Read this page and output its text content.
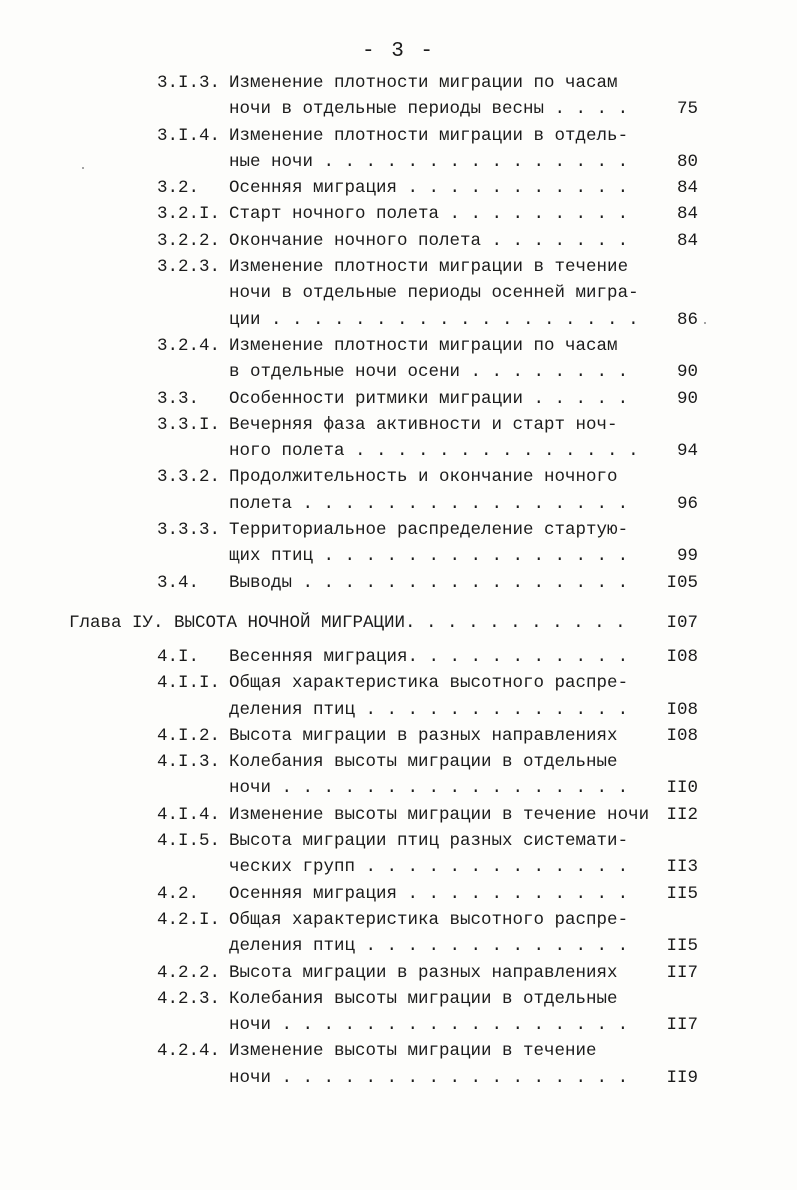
- 3 -
3.I.3. Изменение плотности миграции по часам
ночи в отдельные периоды весны . . . .	75
3.I.4. Изменение плотности миграции в отдель-
ные ночи . . . . . . . . . . . . . . .	80
3.2. Осенняя миграция . . . . . . . . . . .	84
3.2.I. Старт ночного полета . . . . . . . . .	84
3.2.2. Окончание ночного полета . . . . . . .	84
3.2.3. Изменение плотности миграции в течение
ночи в отдельные периоды осенней мигра-
ции . . . . . . . . . . . . . . . . . .	86
3.2.4. Изменение плотности миграции по часам
в отдельные ночи осени . . . . . . . .	90
3.3. Особенности ритмики миграции . . . . .	90
3.3.I. Вечерняя фаза активности и старт ноч-
ного полета . . . . . . . . . . . . . .	94
3.3.2. Продолжительность и окончание ночного
полета . . . . . . . . . . . . . . . .	96
3.3.3. Территориальное распределение стартую-
щих птиц . . . . . . . . . . . . . . .	99
3.4. Выводы . . . . . . . . . . . . . . . . I05
Глава IУ. ВЫСОТА НОЧНОЙ МИГРАЦИИ. . . . . . . . . . . I07
4.I. Весенняя миграция. . . . . . . . . . . I08
4.I.I. Общая характеристика высотного распре-
деления птиц . . . . . . . . . . . . . I08
4.I.2. Высота миграции в разных направлениях	I08
4.I.3. Колебания высоты миграции в отдельные
ночи . . . . . . . . . . . . . . . . . II0
4.I.4. Изменение высоты миграции в течение ночи II2
4.I.5. Высота миграции птиц разных системати-
ческих групп . . . . . . . . . . . . . II3
4.2. Осенняя миграция . . . . . . . . . . . II5
4.2.I. Общая характеристика высотного распре-
деления птиц . . . . . . . . . . . . . II5
4.2.2. Высота миграции в разных направлениях	II7
4.2.3. Колебания высоты миграции в отдельные
ночи . . . . . . . . . . . . . . . . . II7
4.2.4. Изменение высоты миграции в течение
ночи . . . . . . . . . . . . . . . . . II9
